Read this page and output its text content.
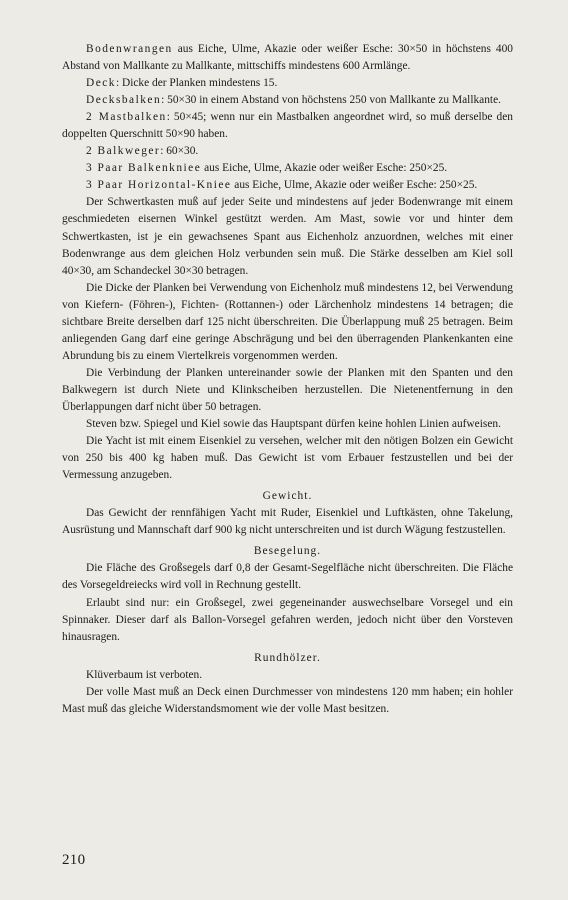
Bodenwrangen aus Eiche, Ulme, Akazie oder weißer Esche: 30×50 in höchstens 400 Abstand von Mallkante zu Mallkante, mittschiffs mindestens 600 Armlänge.

Deck: Dicke der Planken mindestens 15.

Decksbalken: 50×30 in einem Abstand von höchstens 250 von Mallkante zu Mallkante.

2 Mastbalken: 50×45; wenn nur ein Mastbalken angeordnet wird, so muß derselbe den doppelten Querschnitt 50×90 haben.

2 Balkweger: 60×30.

3 Paar Balkenkniee aus Eiche, Ulme, Akazie oder weißer Esche: 250×25.

3 Paar Horizontal-Kniee aus Eiche, Ulme, Akazie oder weißer Esche: 250×25.

Der Schwertkasten muß auf jeder Seite und mindestens auf jeder Bodenwrange mit einem geschmiedeten eisernen Winkel gestützt werden. Am Mast, sowie vor und hinter dem Schwertkasten, ist je ein gewachsenes Spant aus Eichenholz anzuordnen, welches mit einer Bodenwrange aus dem gleichen Holz verbunden sein muß. Die Stärke desselben am Kiel soll 40×30, am Schandeckel 30×30 betragen.

Die Dicke der Planken bei Verwendung von Eichenholz muß mindestens 12, bei Verwendung von Kiefern- (Föhren-), Fichten- (Rottannen-) oder Lärchenholz mindestens 14 betragen; die sichtbare Breite derselben darf 125 nicht überschreiten. Die Überlappung muß 25 betragen. Beim anliegenden Gang darf eine geringe Abschrägung und bei den überragenden Plankenkanten eine Abrundung bis zu einem Viertelkreis vorgenommen werden.

Die Verbindung der Planken untereinander sowie der Planken mit den Spanten und den Balkwegern ist durch Niete und Klinkscheiben herzustellen. Die Nietenentfernung in den Überlappungen darf nicht über 50 betragen.

Steven bzw. Spiegel und Kiel sowie das Hauptspant dürfen keine hohlen Linien aufweisen.

Die Yacht ist mit einem Eisenkiel zu versehen, welcher mit den nötigen Bolzen ein Gewicht von 250 bis 400 kg haben muß. Das Gewicht ist vom Erbauer festzustellen und bei der Vermessung anzugeben.

Gewicht.

Das Gewicht der rennfähigen Yacht mit Ruder, Eisenkiel und Luftkästen, ohne Takelung, Ausrüstung und Mannschaft darf 900 kg nicht unterschreiten und ist durch Wägung festzustellen.

Besegelung.

Die Fläche des Großsegels darf 0,8 der Gesamt-Segelfläche nicht überschreiten. Die Fläche des Vorsegeldreiecks wird voll in Rechnung gestellt.

Erlaubt sind nur: ein Großsegel, zwei gegeneinander auswechselbare Vorsegel und ein Spinnaker. Dieser darf als Ballon-Vorsegel gefahren werden, jedoch nicht über den Vorsteven hinausragen.

Rundhölzer.

Klüverbaum ist verboten.

Der volle Mast muß an Deck einen Durchmesser von mindestens 120 mm haben; ein hohler Mast muß das gleiche Widerstandsmoment wie der volle Mast besitzen.

210
